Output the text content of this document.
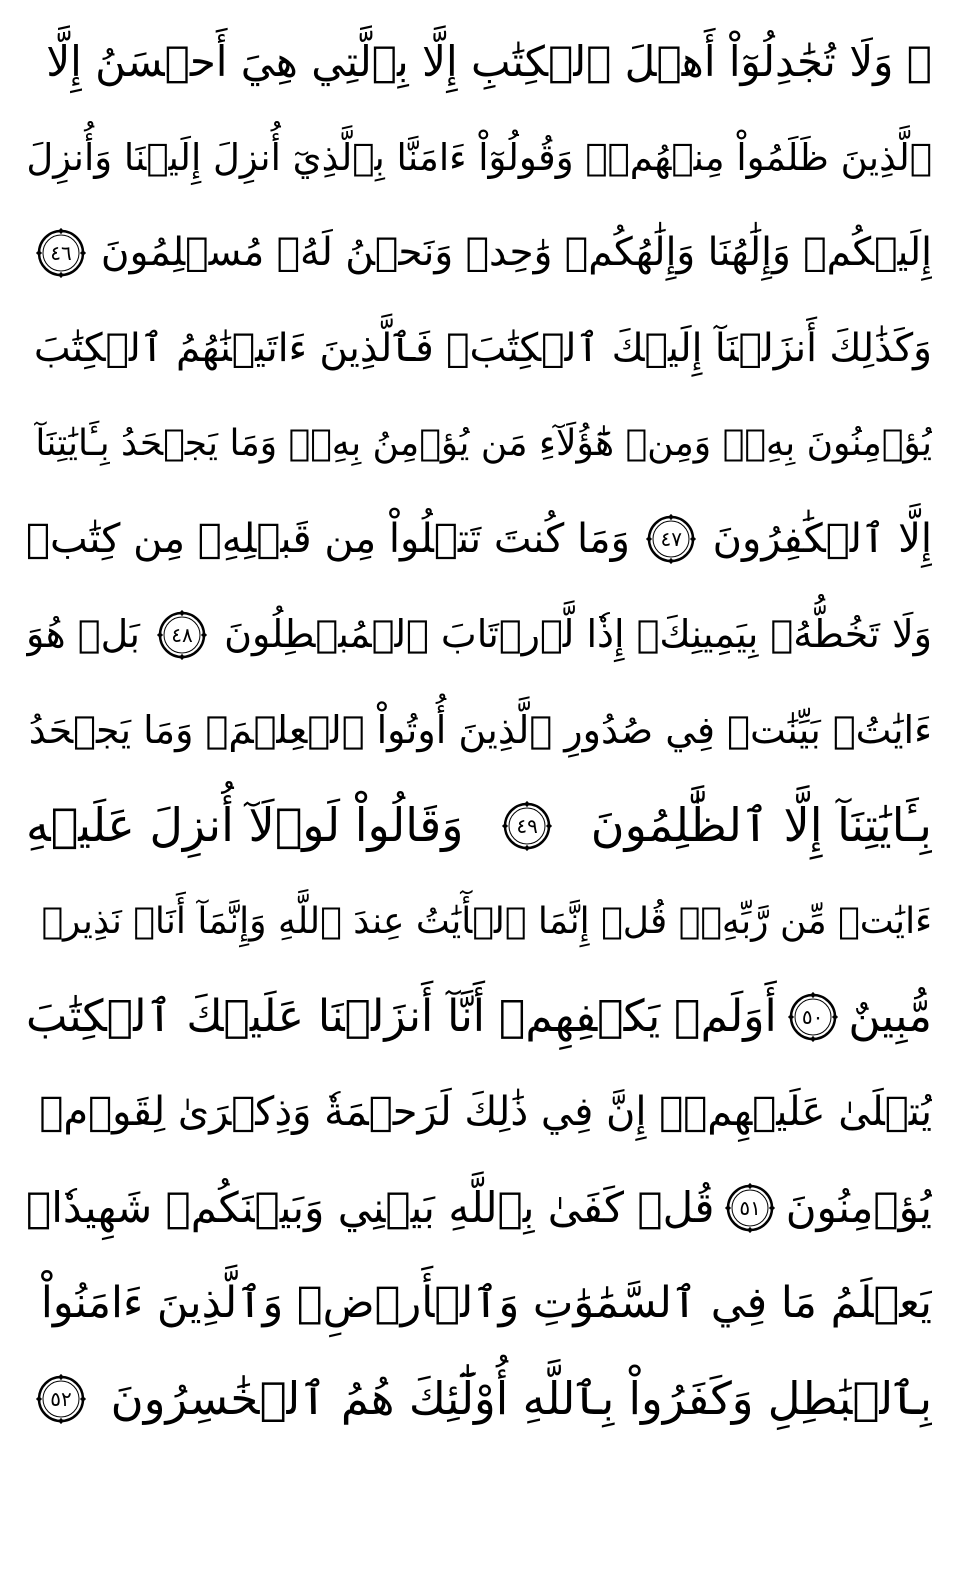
۞ وَلَا تُجَٰدِلُوٓاْ أَهۡلَ ٱلۡكِتَٰبِ إِلَّا بِٱلَّتِي هِيَ أَحۡسَنُ إِلَّا
ٱلَّذِينَ ظَلَمُواْ مِنۡهُمۡۖ وَقُولُوٓاْ ءَامَنَّا بِٱلَّذِيٓ أُنزِلَ إِلَيۡنَا وَأُنزِلَ
إِلَيۡكُمۡ وَإِلَٰهُنَا وَإِلَٰهُكُمۡ وَٰحِدٞ وَنَحۡنُ لَهُۥ مُسۡلِمُونَ
٤٦
وَكَذَٰلِكَ أَنزَلۡنَآ إِلَيۡكَ ٱلۡكِتَٰبَۚ فَٱلَّذِينَ ءَاتَيۡنَٰهُمُ ٱلۡكِتَٰبَ
يُؤۡمِنُونَ بِهِۦۖ وَمِنۡ هَٰٓؤُلَآءِ مَن يُؤۡمِنُ بِهِۦۚ وَمَا يَجۡحَدُ بِـَٔايَٰتِنَآ
إِلَّا ٱلۡكَٰفِرُونَ
٤٧
وَمَا كُنتَ تَتۡلُواْ مِن قَبۡلِهِۦ مِن كِتَٰبٖ
وَلَا تَخُطُّهُۥ بِيَمِينِكَۖ إِذٗا لَّٱرۡتَابَ ٱلۡمُبۡطِلُونَ
٤٨
بَلۡ هُوَ
ءَايَٰتُۢ بَيِّنَٰتٞ فِي صُدُورِ ٱلَّذِينَ أُوتُواْ ٱلۡعِلۡمَۚ وَمَا يَجۡحَدُ
بِـَٔايَٰتِنَآ إِلَّا ٱلظَّٰلِمُونَ
٤٩
وَقَالُواْ لَوۡلَآ أُنزِلَ عَلَيۡهِ
ءَايَٰتٞ مِّن رَّبِّهِۦۖ قُلۡ إِنَّمَا ٱلۡأٓيَٰتُ عِندَ ٱللَّهِ وَإِنَّمَآ أَنَا۠ نَذِيرٞ
مُّبِينٌ
٥٠
أَوَلَمۡ يَكۡفِهِمۡ أَنَّآ أَنزَلۡنَا عَلَيۡكَ ٱلۡكِتَٰبَ
يُتۡلَىٰ عَلَيۡهِمۡۚ إِنَّ فِي ذَٰلِكَ لَرَحۡمَةٗ وَذِكۡرَىٰ لِقَوۡمٖ
يُؤۡمِنُونَ
٥١
قُلۡ كَفَىٰ بِٱللَّهِ بَيۡنِي وَبَيۡنَكُمۡ شَهِيدٗاۖ
يَعۡلَمُ مَا فِي ٱلسَّمَٰوَٰتِ وَٱلۡأَرۡضِۗ وَٱلَّذِينَ ءَامَنُواْ
بِٱلۡبَٰطِلِ وَكَفَرُواْ بِٱللَّهِ أُوْلَٰٓئِكَ هُمُ ٱلۡخَٰسِرُونَ
٥٢
